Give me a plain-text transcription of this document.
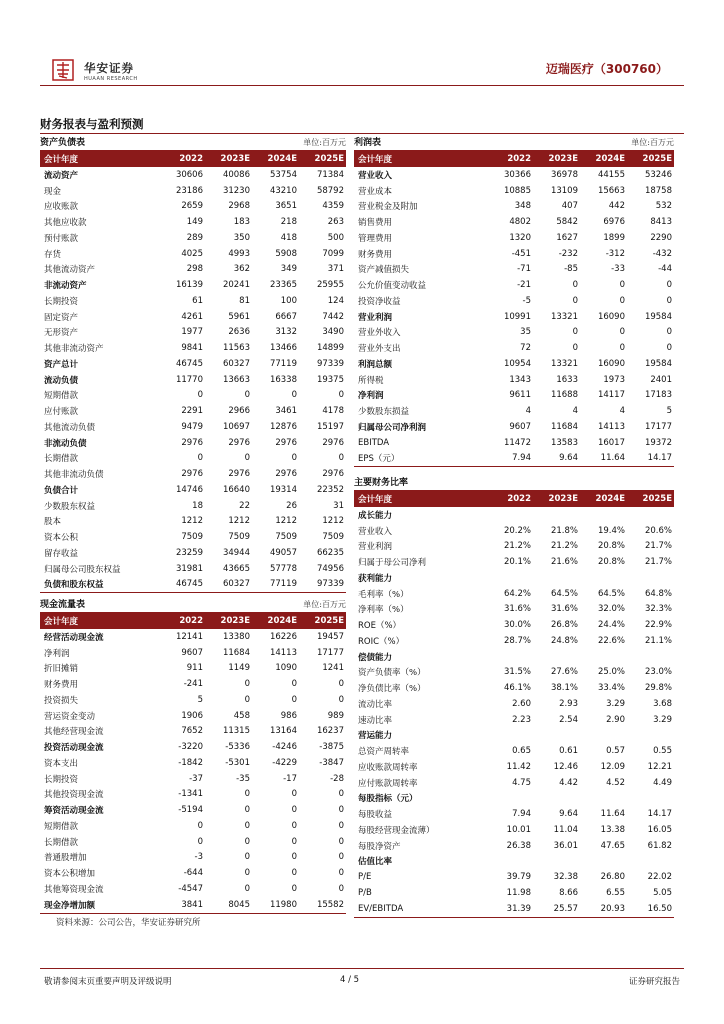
华安证券
HUAAN RESEARCH
迈瑞医疗（300760）
财务报表与盈利预测
资产负债表	单位:百万元
会计年度	2022	2023E	2024E	2025E
流动资产	30606	40086	53754	71384
现金	23186	31230	43210	58792
应收账款	2659	2968	3651	4359
其他应收款	149	183	218	263
预付账款	289	350	418	500
存货	4025	4993	5908	7099
其他流动资产	298	362	349	371
非流动资产	16139	20241	23365	25955
长期投资	61	81	100	124
固定资产	4261	5961	6667	7442
无形资产	1977	2636	3132	3490
其他非流动资产	9841	11563	13466	14899
资产总计	46745	60327	77119	97339
流动负债	11770	13663	16338	19375
短期借款	0	0	0	0
应付账款	2291	2966	3461	4178
其他流动负债	9479	10697	12876	15197
非流动负债	2976	2976	2976	2976
长期借款	0	0	0	0
其他非流动负债	2976	2976	2976	2976
负债合计	14746	16640	19314	22352
少数股东权益	18	22	26	31
股本	1212	1212	1212	1212
资本公积	7509	7509	7509	7509
留存收益	23259	34944	49057	66235
归属母公司股东权益	31981	43665	57778	74956
负债和股东权益	46745	60327	77119	97339
现金流量表	单位:百万元
会计年度	2022	2023E	2024E	2025E
经营活动现金流	12141	13380	16226	19457
净利润	9607	11684	14113	17177
折旧摊销	911	1149	1090	1241
财务费用	-241	0	0	0
投资损失	5	0	0	0
营运资金变动	1906	458	986	989
其他经营现金流	7652	11315	13164	16237
投资活动现金流	-3220	-5336	-4246	-3875
资本支出	-1842	-5301	-4229	-3847
长期投资	-37	-35	-17	-28
其他投资现金流	-1341	0	0	0
筹资活动现金流	-5194	0	0	0
短期借款	0	0	0	0
长期借款	0	0	0	0
普通股增加	-3	0	0	0
资本公积增加	-644	0	0	0
其他筹资现金流	-4547	0	0	0
现金净增加额	3841	8045	11980	15582
利润表	单位:百万元
会计年度	2022	2023E	2024E	2025E
营业收入	30366	36978	44155	53246
营业成本	10885	13109	15663	18758
营业税金及附加	348	407	442	532
销售费用	4802	5842	6976	8413
管理费用	1320	1627	1899	2290
财务费用	-451	-232	-312	-432
资产减值损失	-71	-85	-33	-44
公允价值变动收益	-21	0	0	0
投资净收益	-5	0	0	0
营业利润	10991	13321	16090	19584
营业外收入	35	0	0	0
营业外支出	72	0	0	0
利润总额	10954	13321	16090	19584
所得税	1343	1633	1973	2401
净利润	9611	11688	14117	17183
少数股东损益	4	4	4	5
归属母公司净利润	9607	11684	14113	17177
EBITDA	11472	13583	16017	19372
EPS（元）	7.94	9.64	11.64	14.17
主要财务比率
会计年度	2022	2023E	2024E	2025E
成长能力
营业收入	20.2%	21.8%	19.4%	20.6%
营业利润	21.2%	21.2%	20.8%	21.7%
归属于母公司净利	20.1%	21.6%	20.8%	21.7%
获利能力
毛利率（%）	64.2%	64.5%	64.5%	64.8%
净利率（%）	31.6%	31.6%	32.0%	32.3%
ROE（%）	30.0%	26.8%	24.4%	22.9%
ROIC（%）	28.7%	24.8%	22.6%	21.1%
偿债能力
资产负债率（%）	31.5%	27.6%	25.0%	23.0%
净负债比率（%）	46.1%	38.1%	33.4%	29.8%
流动比率	2.60	2.93	3.29	3.68
速动比率	2.23	2.54	2.90	3.29
营运能力
总资产周转率	0.65	0.61	0.57	0.55
应收账款周转率	11.42	12.46	12.09	12.21
应付账款周转率	4.75	4.42	4.52	4.49
每股指标（元）
每股收益	7.94	9.64	11.64	14.17
每股经营现金流薄）	10.01	11.04	13.38	16.05
每股净资产	26.38	36.01	47.65	61.82
估值比率
P/E	39.79	32.38	26.80	22.02
P/B	11.98	8.66	6.55	5.05
EV/EBITDA	31.39	25.57	20.93	16.50
资料来源：公司公告，华安证券研究所
敬请参阅末页重要声明及评级说明	4 / 5	证券研究报告
